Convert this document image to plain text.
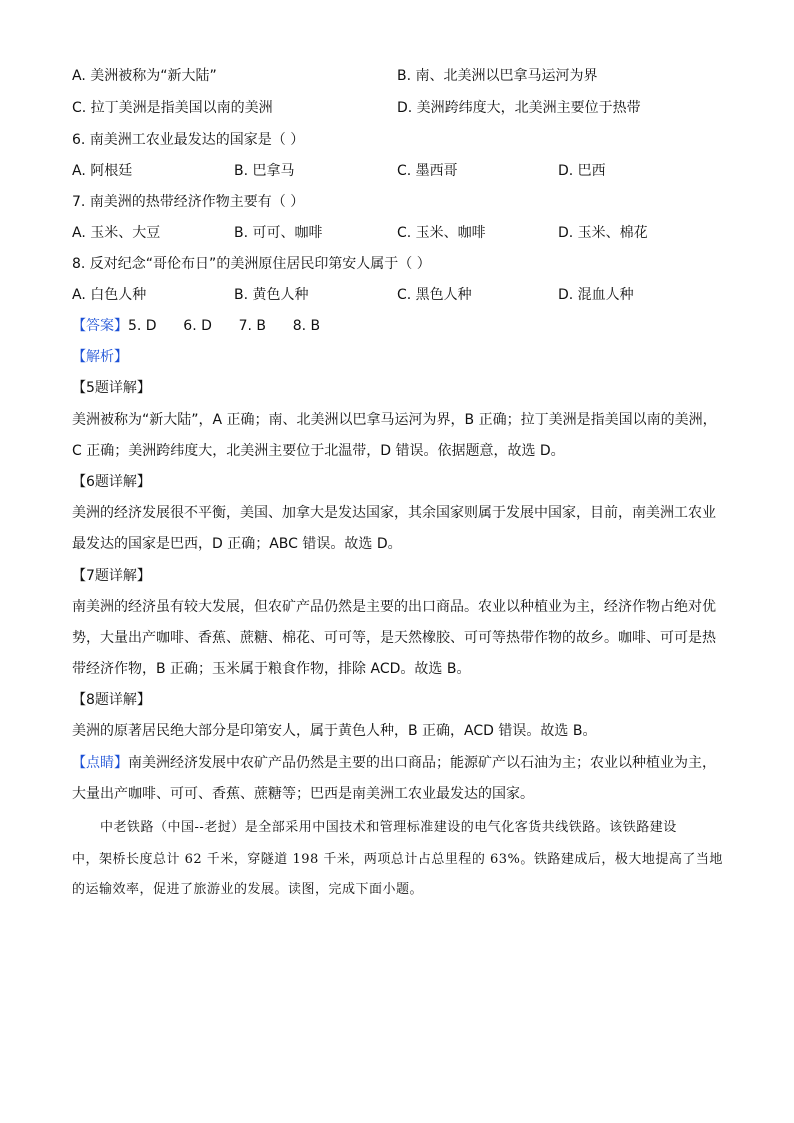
A. 美洲被称为“新大陆”	B. 南、北美洲以巴拿马运河为界
C. 拉丁美洲是指美国以南的美洲	D. 美洲跨纬度大，北美洲主要位于热带
6. 南美洲工农业最发达的国家是（ ）
A. 阿根廷	B. 巴拿马	C. 墨西哥	D. 巴西
7. 南美洲的热带经济作物主要有（ ）
A. 玉米、大豆	B. 可可、咖啡	C. 玉米、咖啡	D. 玉米、棉花
8. 反对纪念“哥伦布日”的美洲原住居民印第安人属于（ ）
A. 白色人种	B. 黄色人种	C. 黑色人种	D. 混血人种
【答案】5. D      6. D      7. B      8. B
【解析】
【5题详解】
美洲被称为“新大陆”，A 正确；南、北美洲以巴拿马运河为界，B 正确；拉丁美洲是指美国以南的美洲，
C 正确；美洲跨纬度大，北美洲主要位于北温带，D 错误。依据题意，故选 D。
【6题详解】
美洲的经济发展很不平衡，美国、加拿大是发达国家，其余国家则属于发展中国家，目前，南美洲工农业
最发达的国家是巴西，D 正确；ABC 错误。故选 D。
【7题详解】
南美洲的经济虽有较大发展，但农矿产品仍然是主要的出口商品。农业以种植业为主，经济作物占绝对优
势，大量出产咖啡、香蕉、蔗糖、棉花、可可等，是天然橡胶、可可等热带作物的故乡。咖啡、可可是热
带经济作物，B 正确；玉米属于粮食作物，排除 ACD。故选 B。
【8题详解】
美洲的原著居民绝大部分是印第安人，属于黄色人种，B 正确，ACD 错误。故选 B。
【点睛】南美洲经济发展中农矿产品仍然是主要的出口商品；能源矿产以石油为主；农业以种植业为主，
大量出产咖啡、可可、香蕉、蔗糖等；巴西是南美洲工农业最发达的国家。
中老铁路（中国--老挝）是全部采用中国技术和管理标准建设的电气化客货共线铁路。该铁路建设
中，架桥长度总计 62 千米，穿隧道 198 千米，两项总计占总里程的 63%。铁路建成后，极大地提高了当地
的运输效率，促进了旅游业的发展。读图，完成下面小题。
